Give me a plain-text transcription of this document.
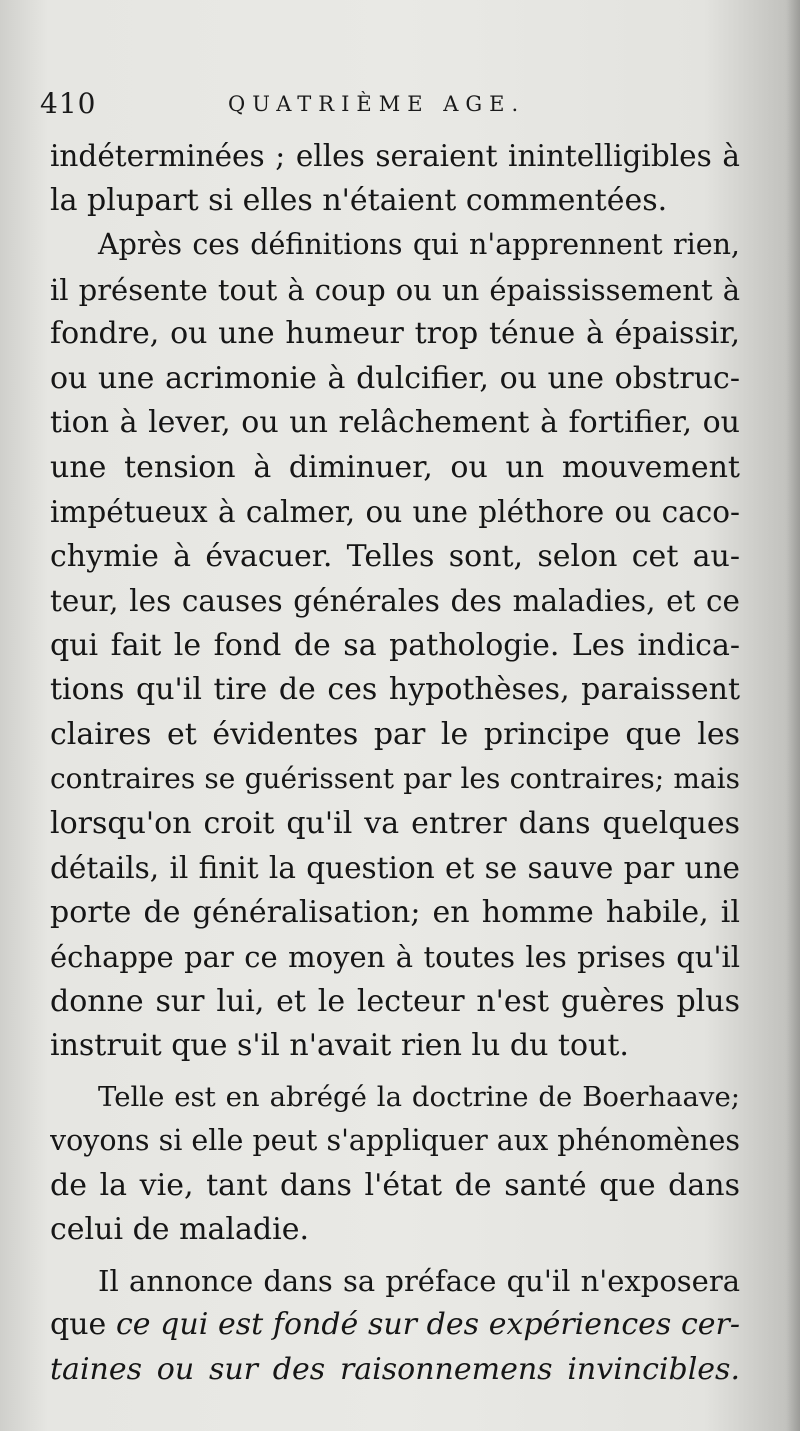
410	QUATRIÈME AGE.
indéterminées ; elles seraient inintelligibles à
la plupart si elles n'étaient commentées.
Après ces définitions qui n'apprennent rien,
il présente tout à coup ou un épaississement à
fondre, ou une humeur trop ténue à épaissir,
ou une acrimonie à dulcifier, ou une obstruc-
tion à lever, ou un relâchement à fortifier, ou
une tension à diminuer, ou un mouvement
impétueux à calmer, ou une pléthore ou caco-
chymie à évacuer. Telles sont, selon cet au-
teur, les causes générales des maladies, et ce
qui fait le fond de sa pathologie. Les indica-
tions qu'il tire de ces hypothèses, paraissent
claires et évidentes par le principe que les
contraires se guérissent par les contraires; mais
lorsqu'on croit qu'il va entrer dans quelques
détails, il finit la question et se sauve par une
porte de généralisation; en homme habile, il
échappe par ce moyen à toutes les prises qu'il
donne sur lui, et le lecteur n'est guères plus
instruit que s'il n'avait rien lu du tout.
Telle est en abrégé la doctrine de Boerhaave;
voyons si elle peut s'appliquer aux phénomènes
de la vie, tant dans l'état de santé que dans
celui de maladie.
Il annonce dans sa préface qu'il n'exposera
que ce qui est fondé sur des expériences cer-
taines ou sur des raisonnemens invincibles.
